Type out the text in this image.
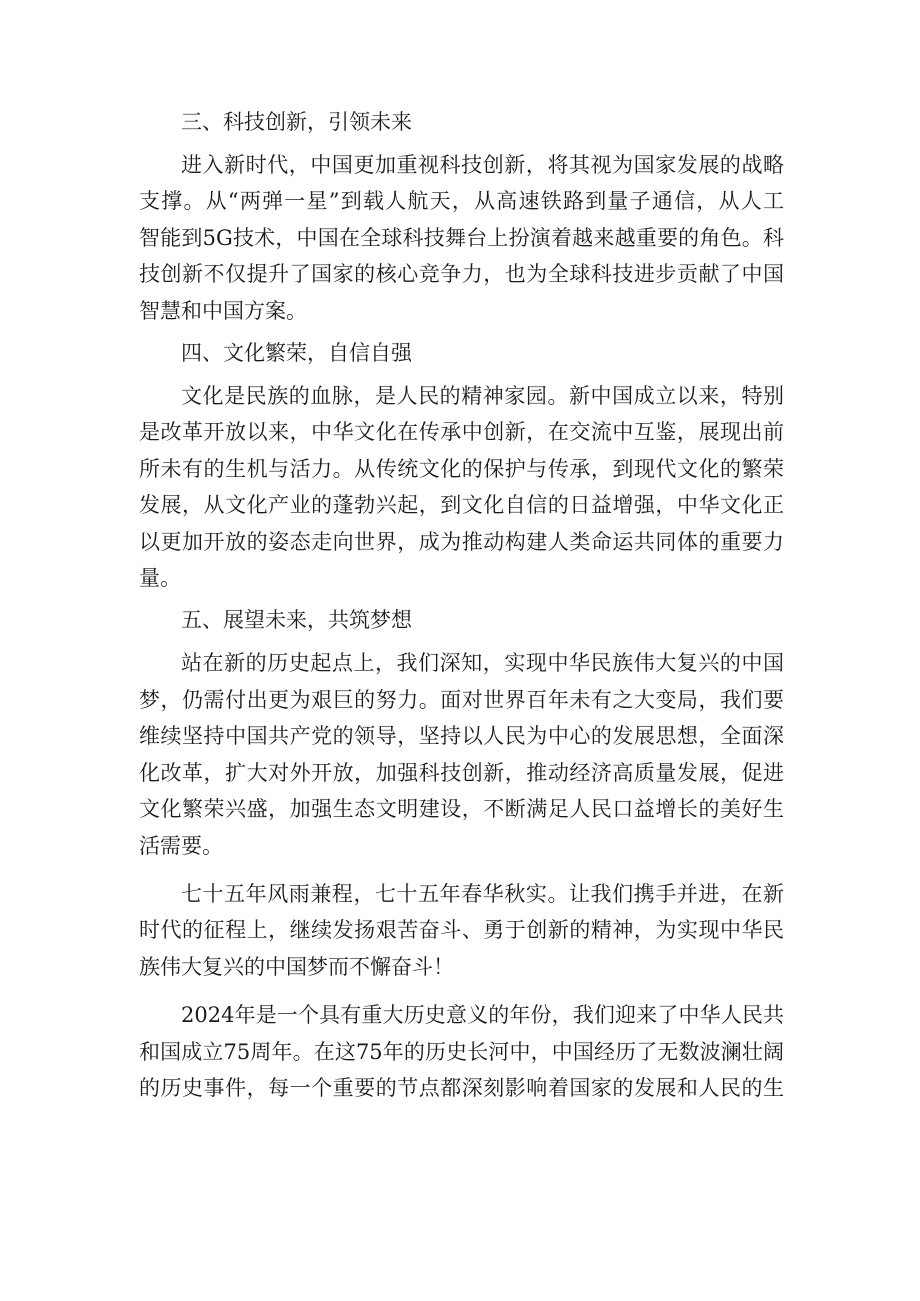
三、科技创新，引领未来

进入新时代，中国更加重视科技创新，将其视为国家发展的战略

支撑。从“两弹一星”到载人航天，从高速铁路到量子通信，从人工

智能到5G技术，中国在全球科技舞台上扮演着越来越重要的角色。科

技创新不仅提升了国家的核心竞争力，也为全球科技进步贡献了中国

智慧和中国方案。

四、文化繁荣，自信自强

文化是民族的血脉，是人民的精神家园。新中国成立以来，特别

是改革开放以来，中华文化在传承中创新，在交流中互鉴，展现出前

所未有的生机与活力。从传统文化的保护与传承，到现代文化的繁荣

发展，从文化产业的蓬勃兴起，到文化自信的日益增强，中华文化正

以更加开放的姿态走向世界，成为推动构建人类命运共同体的重要力

量。

五、展望未来，共筑梦想

站在新的历史起点上，我们深知，实现中华民族伟大复兴的中国

梦，仍需付出更为艰巨的努力。面对世界百年未有之大变局，我们要

维续坚持中国共产党的领导，坚持以人民为中心的发展思想，全面深

化改革，扩大对外开放，加强科技创新，推动经济高质量发展，促进

文化繁荣兴盛，加强生态文明建设，不断满足人民口益增长的美好生

活需要。

七十五年风雨兼程，七十五年春华秋实。让我们携手并进，在新

时代的征程上，继续发扬艰苦奋斗、勇于创新的精神，为实现中华民

族伟大复兴的中国梦而不懈奋斗！

2024年是一个具有重大历史意义的年份，我们迎来了中华人民共

和国成立75周年。在这75年的历史长河中，中国经历了无数波澜壮阔

的历史事件，每一个重要的节点都深刻影响着国家的发展和人民的生
